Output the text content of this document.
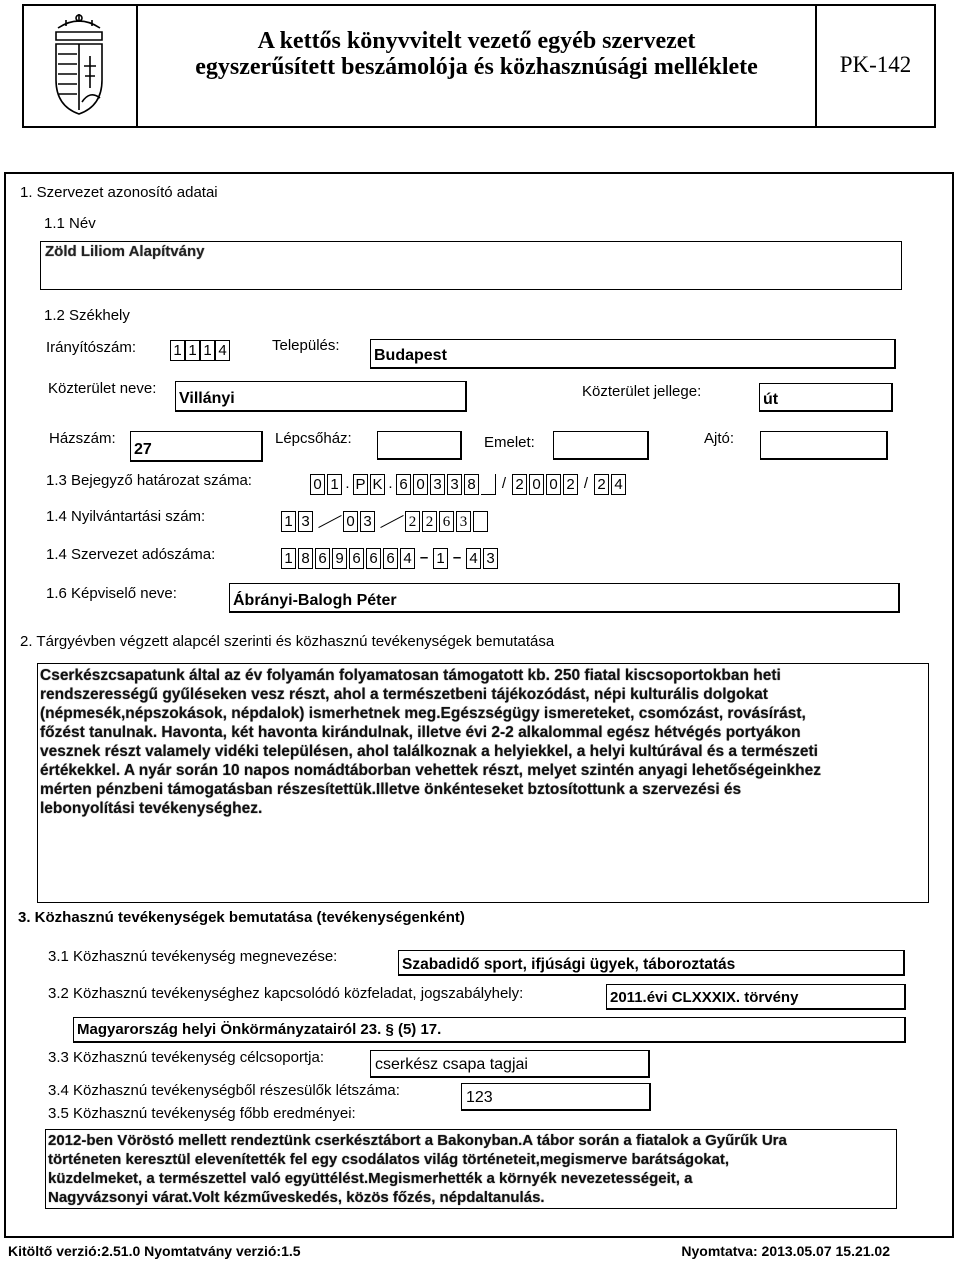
A kettős könyvvitelt vezető egyéb szervezet
egyszerűsített beszámolója és közhasznúsági melléklete	PK-142
1. Szervezet azonosító adatai
1.1 Név
Zöld Liliom Alapítvány
1.2 Székhely
Irányítószám: 1 1 1 4	Település:
Budapest
Közterület neve:
Villányi	Közterület jellege:	út
Házszám:
27
Lépcsőház:	Emelet:	Ajtó:
1.3 Bejegyző határozat száma:	0 1 . P K . 6 0 3 3 8 / 2 0 0 2 / 2 4
1.4 Nyilvántartási szám:	1 3 0 3 2 2 6 3
1.4 Szervezet adószáma:	1 8 6 9 6 6 6 4 – 1 – 4 3
1.6 Képviselő neve:	Ábrányi-Balogh Péter
2. Tárgyévben végzett alapcél szerinti és közhasznú tevékenységek bemutatása
Cserkészcsapatunk által az év folyamán folyamatosan támogatott kb. 250 fiatal kiscsoportokban heti
rendszerességű gyűléseken vesz részt, ahol a természetbeni tájékozódást, népi kulturális dolgokat
(népmesék,népszokások, népdalok) ismerhetnek meg.Egészségügy ismereteket, csomózást, rovásírást,
főzést tanulnak. Havonta, két havonta kirándulnak, illetve évi 2-2 alkalommal egész hétvégés portyákon
vesznek részt valamely vidéki településen, ahol találkoznak a helyiekkel, a helyi kultúrával és a természeti
értékekkel. A nyár során 10 napos nomádtáborban vehettek részt, melyet szintén anyagi lehetőségeinkhez
mérten pénzbeni támogatásban részesítettük.Illetve önkénteseket bztosítottunk a szervezési és
lebonyolítási tevékenységhez.
3. Közhasznú tevékenységek bemutatása (tevékenységenként)
3.1 Közhasznú tevékenység megnevezése:	Szabadidő sport, ifjúsági ügyek, táboroztatás
3.2 Közhasznú tevékenységhez kapcsolódó közfeladat, jogszabályhely:	2011.évi CLXXXIX. törvény
Magyarország helyi Önkörmányzatairól 23. § (5) 17.
3.3 Közhasznú tevékenység célcsoportja:	cserkész csapa tagjai
3.4 Közhasznú tevékenységből részesülők létszáma:	123
3.5 Közhasznú tevékenység főbb eredményei:
2012-ben Vöröstó mellett rendeztünk cserkésztábort a Bakonyban.A tábor során a fiatalok a Gyűrűk Ura
történeten keresztül elevenítették fel egy csodálatos világ történeteit,megismerve barátságokat,
küzdelmeket, a természettel való együttélést.Megismerhették a környék nevezetességeit, a
Nagyvázsonyi várat.Volt kézműveskedés, közös főzés, népdaltanulás.
Kitöltő verzió:2.51.0 Nyomtatvány verzió:1.5	Nyomtatva: 2013.05.07 15.21.02
